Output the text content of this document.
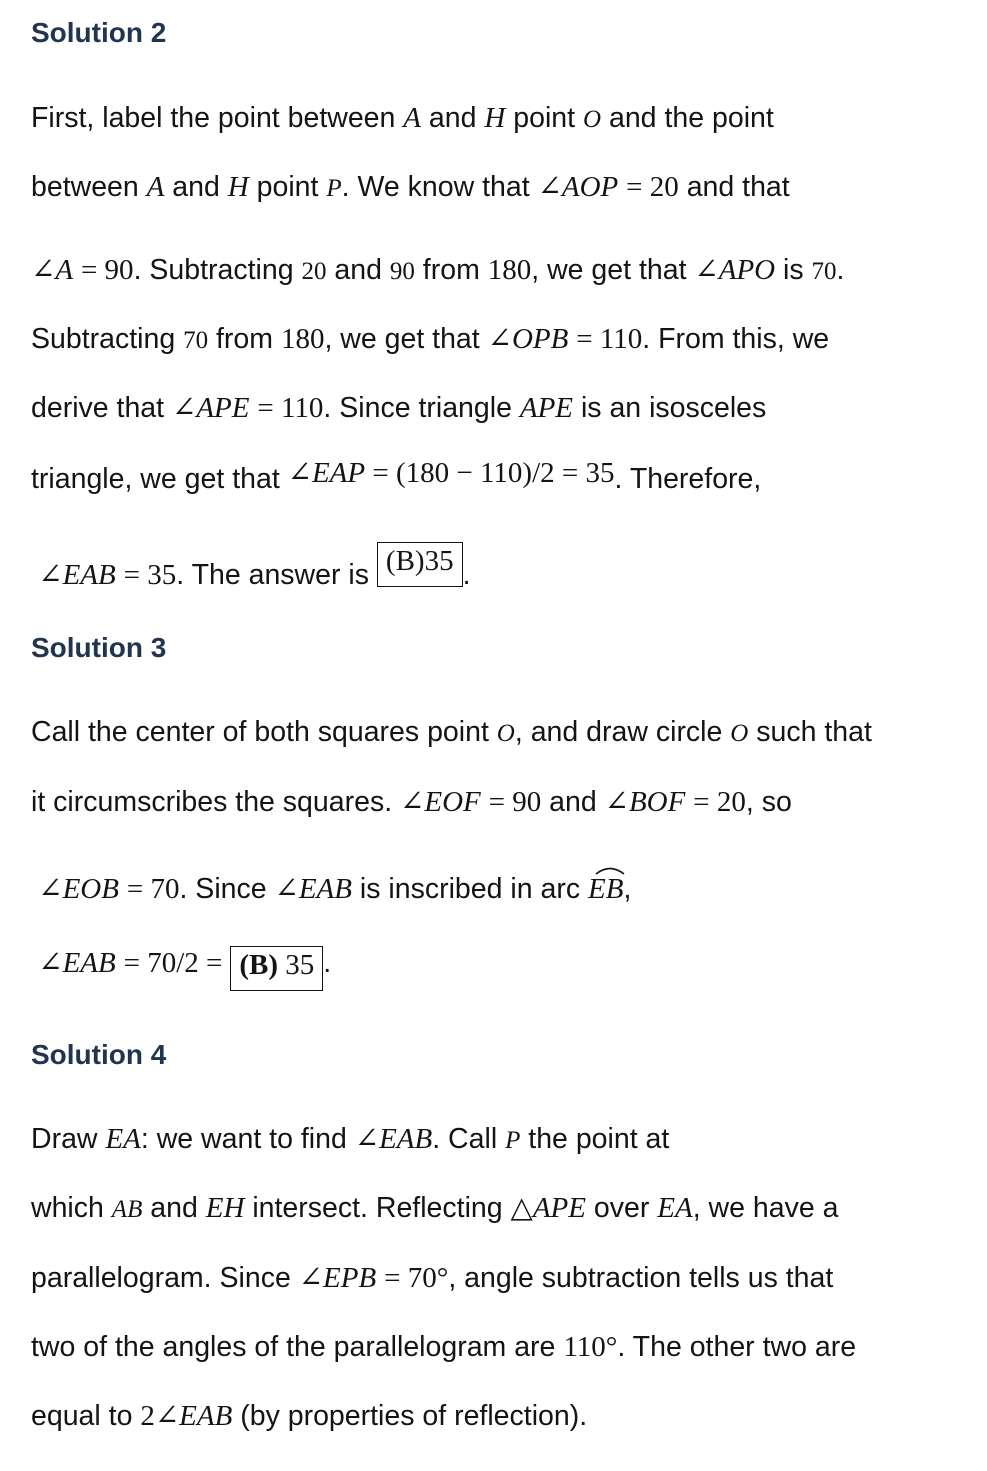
Solution 2
First, label the point between A and H point O and the point
between A and H point P. We know that ∠AOP = 20 and that
∠A = 90. Subtracting 20 and 90 from 180, we get that ∠APO is 70.
Subtracting 70 from 180, we get that ∠OPB = 110. From this, we
derive that ∠APE = 110. Since triangle APE is an isosceles
triangle, we get that ∠EAP = (180 − 110)/2 = 35. Therefore,
∠EAB = 35. The answer is (B)35 .
Solution 3
Call the center of both squares point O, and draw circle O such that
it circumscribes the squares. ∠EOF = 90 and ∠BOF = 20, so
∠EOB = 70. Since ∠EAB is inscribed in arc
EB,
∠EAB = 70/2 = (B) 35 .
Solution 4
Draw EA: we want to find ∠EAB. Call P the point at
which AB and EH intersect. Reflecting △APE over EA, we have a
parallelogram. Since ∠EPB = 70°, angle subtraction tells us that
two of the angles of the parallelogram are 110°. The other two are
equal to 2∠EAB (by properties of reflection).
